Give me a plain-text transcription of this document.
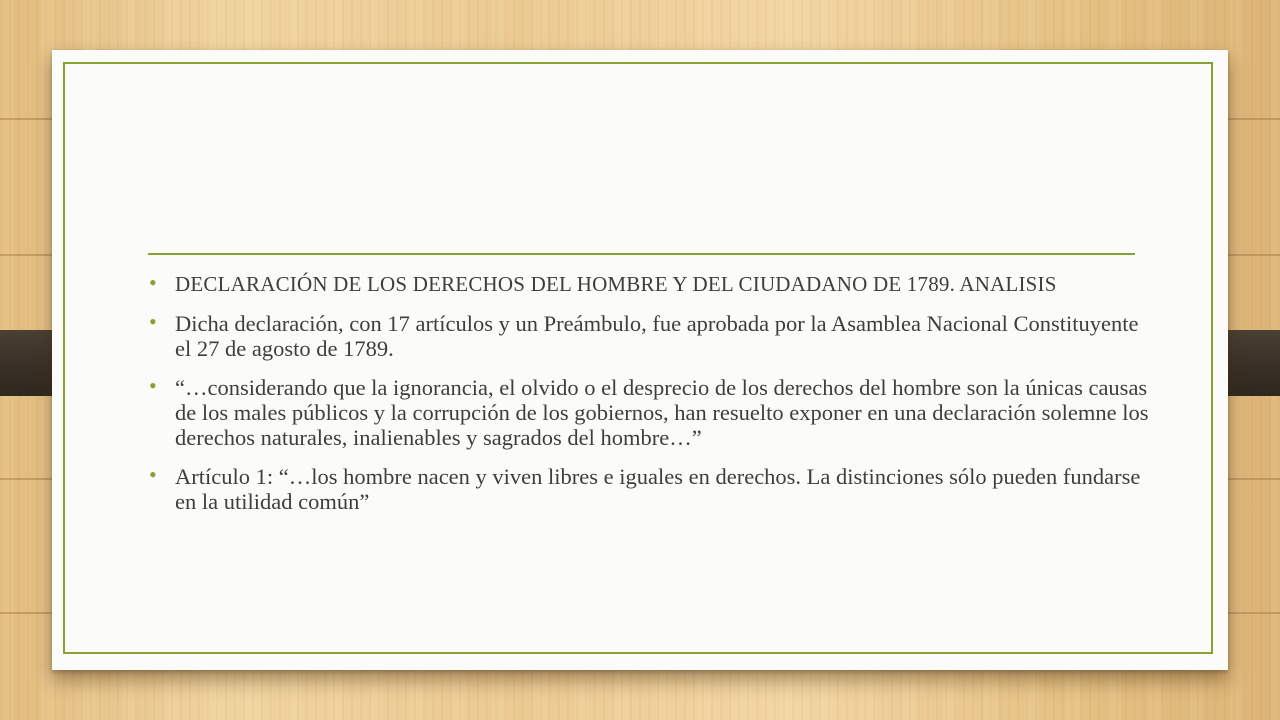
• DECLARACIÓN DE LOS DERECHOS DEL HOMBRE Y DEL CIUDADANO DE 1789. ANALISIS
• Dicha declaración, con 17 artículos y un Preámbulo, fue aprobada por la Asamblea Nacional Constituyente el 27 de agosto de 1789.
• “…considerando que la ignorancia, el olvido o el desprecio de los derechos del hombre son la únicas causas de los males públicos y la corrupción de los gobiernos, han resuelto exponer en una declaración solemne los derechos naturales, inalienables y sagrados del hombre…”
• Artículo 1: “…los hombre nacen y viven libres e iguales en derechos. La distinciones sólo pueden fundarse en la utilidad común”
